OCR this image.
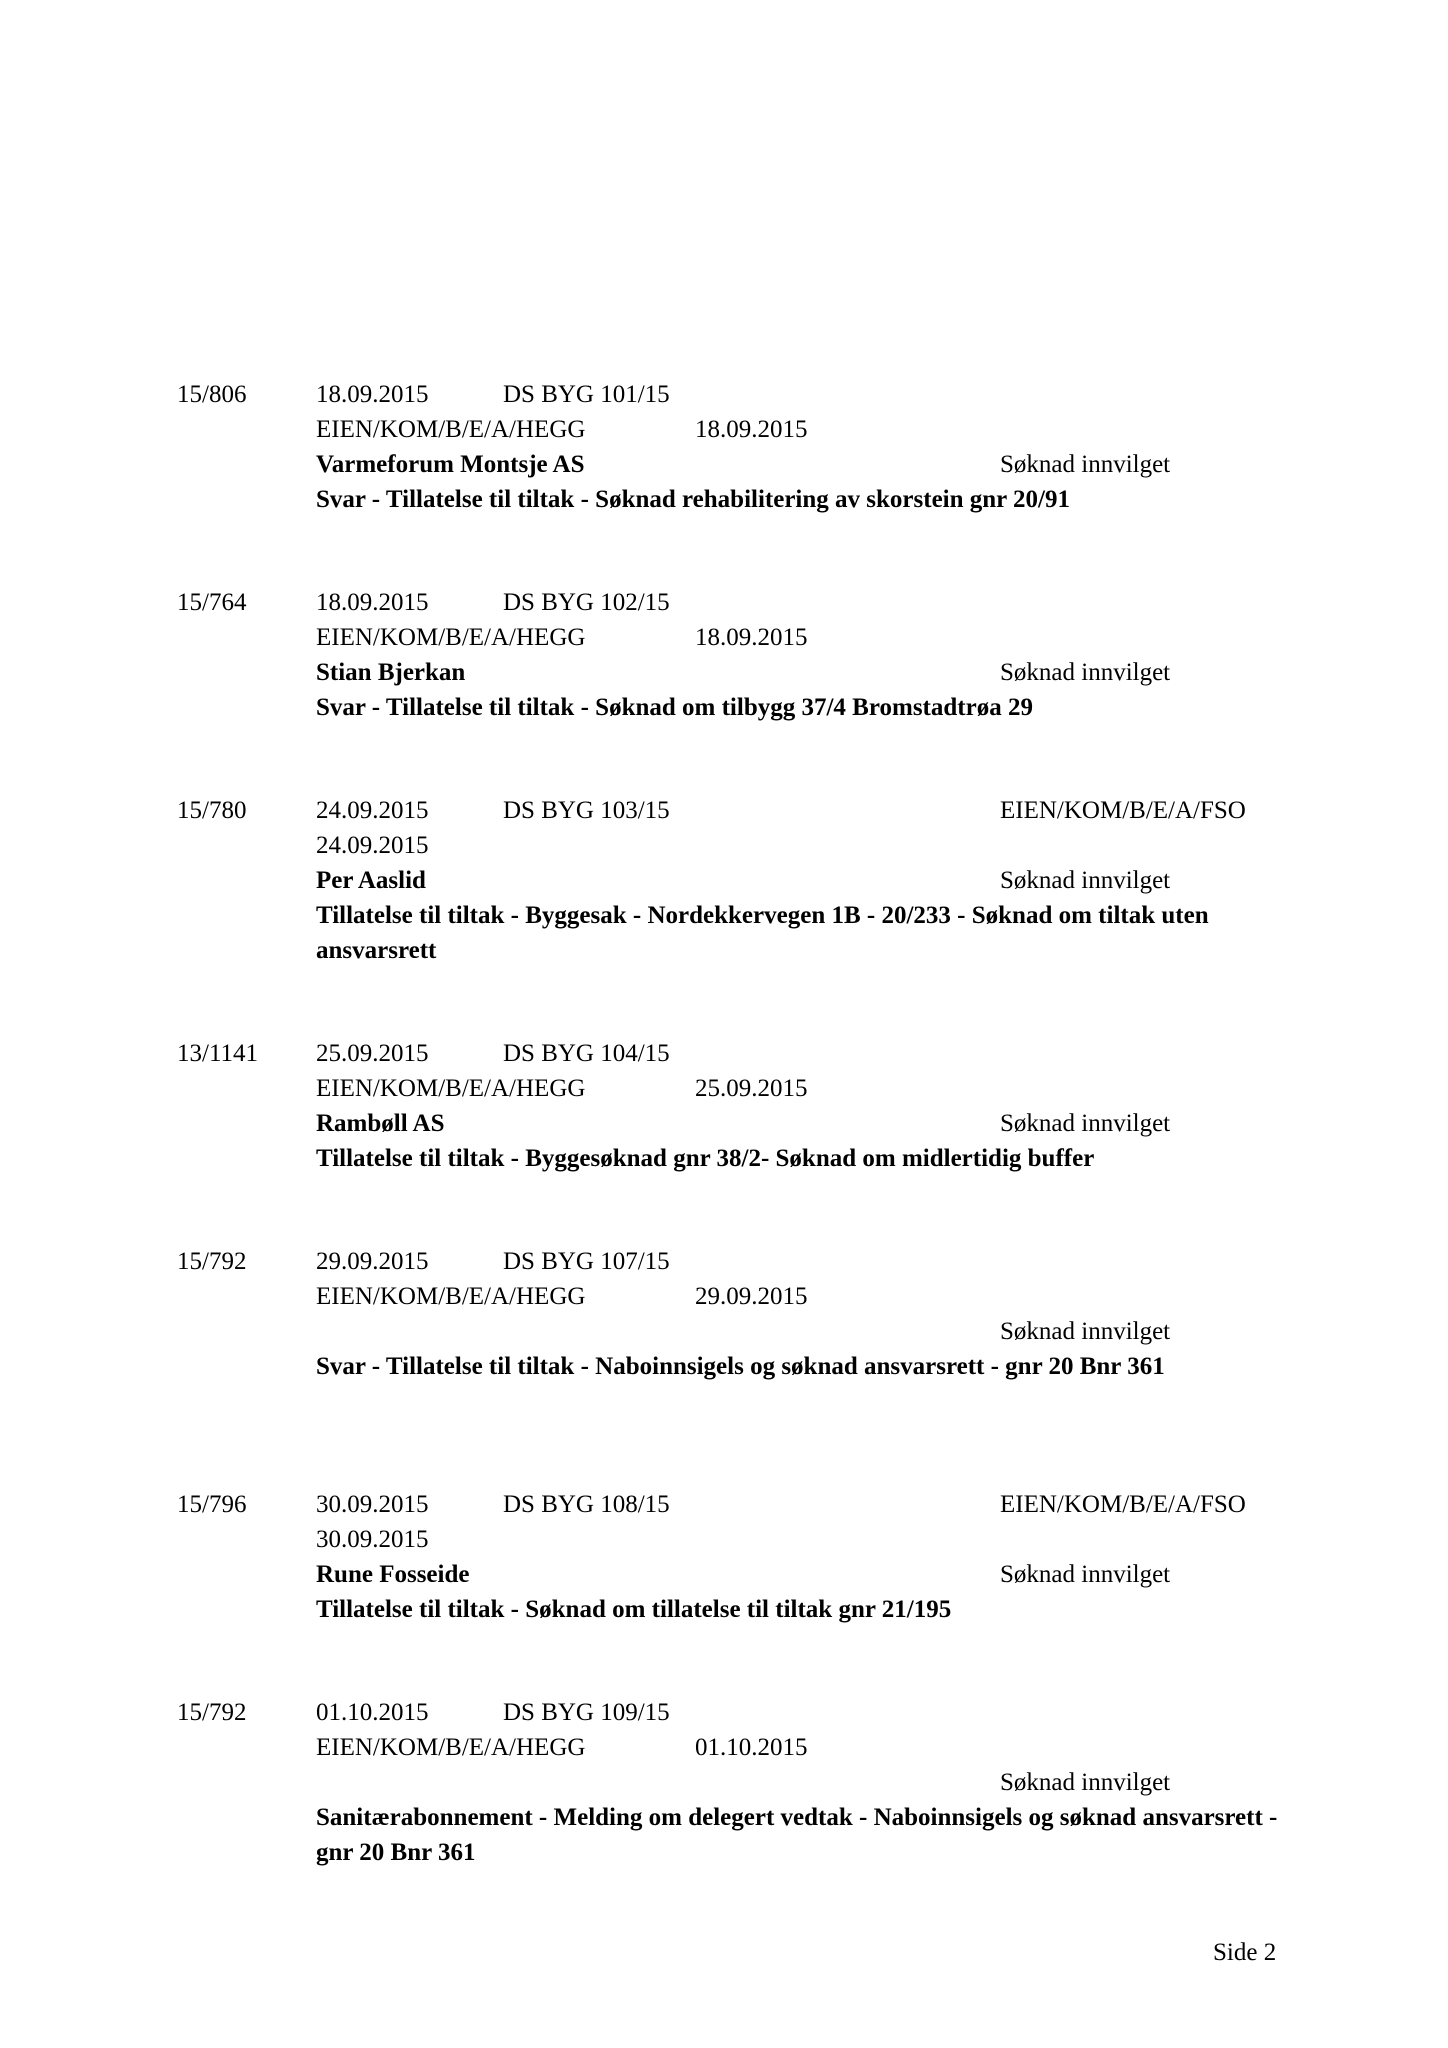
15/806	18.09.2015	DS BYG 101/15
EIEN/KOM/B/E/A/HEGG	18.09.2015
Varmeforum Montsje AS	Søknad innvilget
Svar - Tillatelse til tiltak - Søknad rehabilitering av skorstein gnr 20/91
15/764	18.09.2015	DS BYG 102/15
EIEN/KOM/B/E/A/HEGG	18.09.2015
Stian Bjerkan	Søknad innvilget
Svar - Tillatelse til tiltak - Søknad om tilbygg 37/4 Bromstadtrøa 29
15/780	24.09.2015	DS BYG 103/15	EIEN/KOM/B/E/A/FSO
24.09.2015
Per Aaslid	Søknad innvilget
Tillatelse til tiltak - Byggesak - Nordekkervegen 1B - 20/233 - Søknad om tiltak uten ansvarsrett
13/1141 25.09.2015	DS BYG 104/15
EIEN/KOM/B/E/A/HEGG	25.09.2015
Rambøll AS	Søknad innvilget
Tillatelse til tiltak - Byggesøknad gnr 38/2- Søknad om midlertidig buffer
15/792	29.09.2015	DS BYG 107/15
EIEN/KOM/B/E/A/HEGG	29.09.2015
Søknad innvilget
Svar - Tillatelse til tiltak - Naboinnsigels og søknad ansvarsrett - gnr 20 Bnr 361
15/796	30.09.2015	DS BYG 108/15	EIEN/KOM/B/E/A/FSO
30.09.2015
Rune Fosseide	Søknad innvilget
Tillatelse til tiltak - Søknad om tillatelse til tiltak gnr 21/195
15/792	01.10.2015	DS BYG 109/15
EIEN/KOM/B/E/A/HEGG	01.10.2015
Søknad innvilget
Sanitærabonnement - Melding om delegert vedtak - Naboinnsigels og søknad ansvarsrett - gnr 20 Bnr 361
Side 2
